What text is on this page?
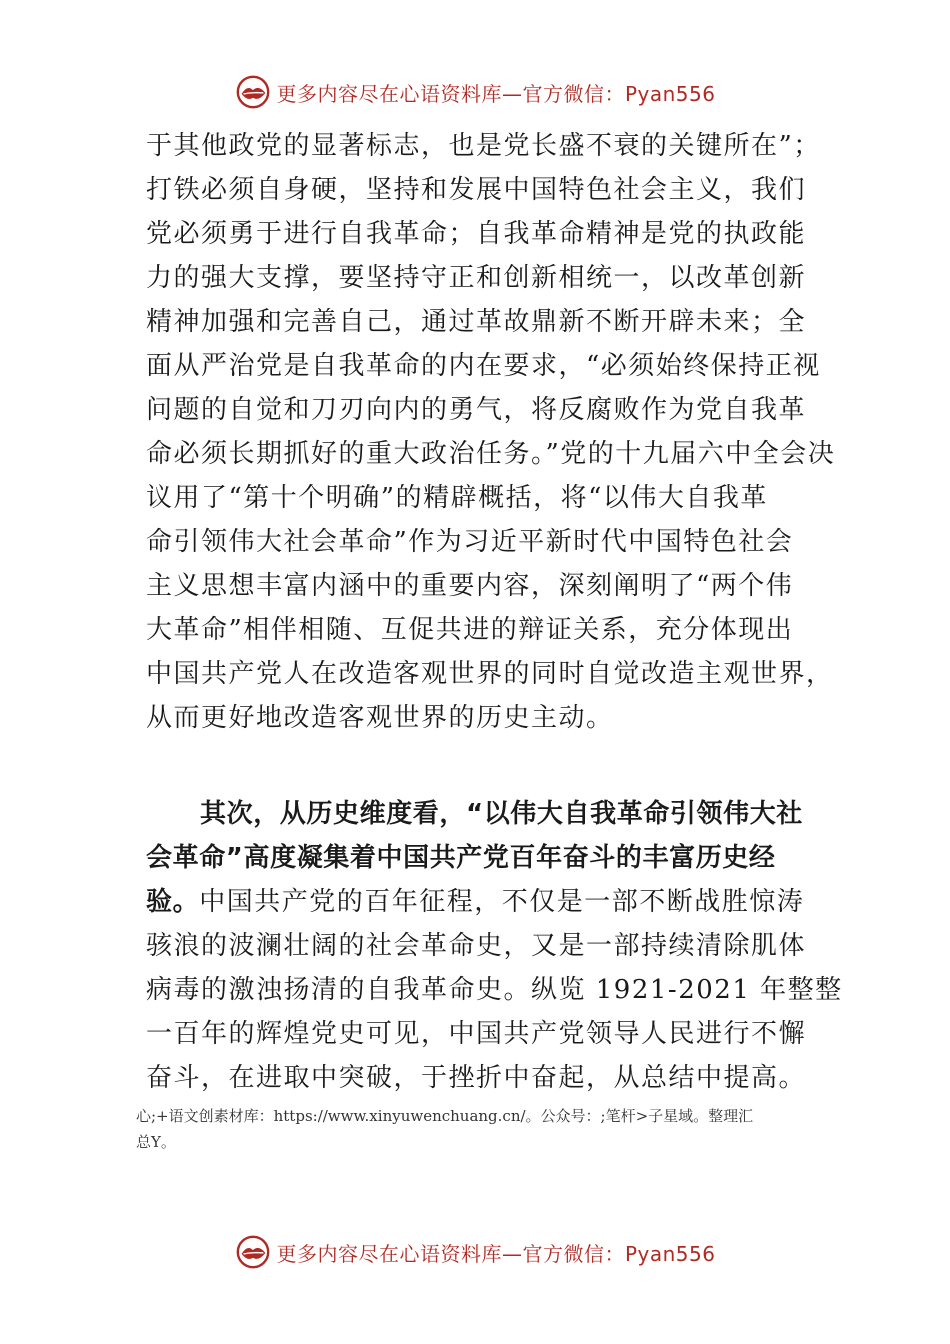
更多内容尽在心语资料库—官方微信：Pyan556
于其他政党的显著标志，也是党长盛不衰的关键所在”；
打铁必须自身硬，坚持和发展中国特色社会主义，我们
党必须勇于进行自我革命；自我革命精神是党的执政能
力的强大支撑，要坚持守正和创新相统一，以改革创新
精神加强和完善自己，通过革故鼎新不断开辟未来；全
面从严治党是自我革命的内在要求，“必须始终保持正视
问题的自觉和刀刃向内的勇气，将反腐败作为党自我革
命必须长期抓好的重大政治任务。”党的十九届六中全会决
议用了“第十个明确”的精辟概括，将“以伟大自我革
命引领伟大社会革命”作为习近平新时代中国特色社会
主义思想丰富内涵中的重要内容，深刻阐明了“两个伟
大革命”相伴相随、互促共进的辩证关系，充分体现出
中国共产党人在改造客观世界的同时自觉改造主观世界，
从而更好地改造客观世界的历史主动。
其次，从历史维度看，“以伟大自我革命引领伟大社
会革命”高度凝集着中国共产党百年奋斗的丰富历史经
验。中国共产党的百年征程，不仅是一部不断战胜惊涛
骇浪的波澜壮阔的社会革命史，又是一部持续清除肌体
病毒的激浊扬清的自我革命史。纵览 1921-2021 年整整
一百年的辉煌党史可见，中国共产党领导人民进行不懈
奋斗，在进取中突破，于挫折中奋起，从总结中提高。
心;+语文创素材库：https://www.xinyuwenchuang.cn/。公众号：;笔杆>子星域。整理汇
总Y。
更多内容尽在心语资料库—官方微信：Pyan556
